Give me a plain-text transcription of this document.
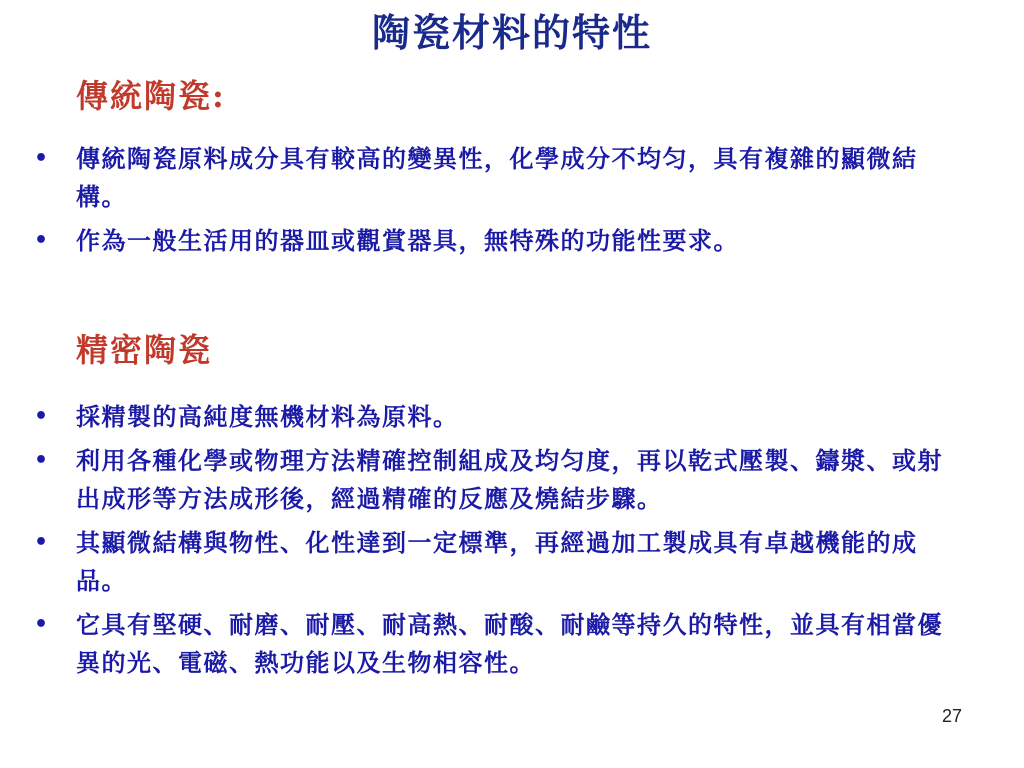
陶瓷材料的特性
傳統陶瓷:
• 傳統陶瓷原料成分具有較高的變異性，化學成分不均匀，具有複雜的顯微結構。
• 作為一般生活用的器皿或觀賞器具，無特殊的功能性要求。
精密陶瓷
• 採精製的高純度無機材料為原料。
• 利用各種化學或物理方法精確控制組成及均匀度，再以乾式壓製、鑄漿、或射出成形等方法成形後，經過精確的反應及燒結步驟。
• 其顯微結構與物性、化性達到一定標準，再經過加工製成具有卓越機能的成品。
• 它具有堅硬、耐磨、耐壓、耐高熱、耐酸、耐鹼等持久的特性，並具有相當優異的光、電磁、熱功能以及生物相容性。
27
